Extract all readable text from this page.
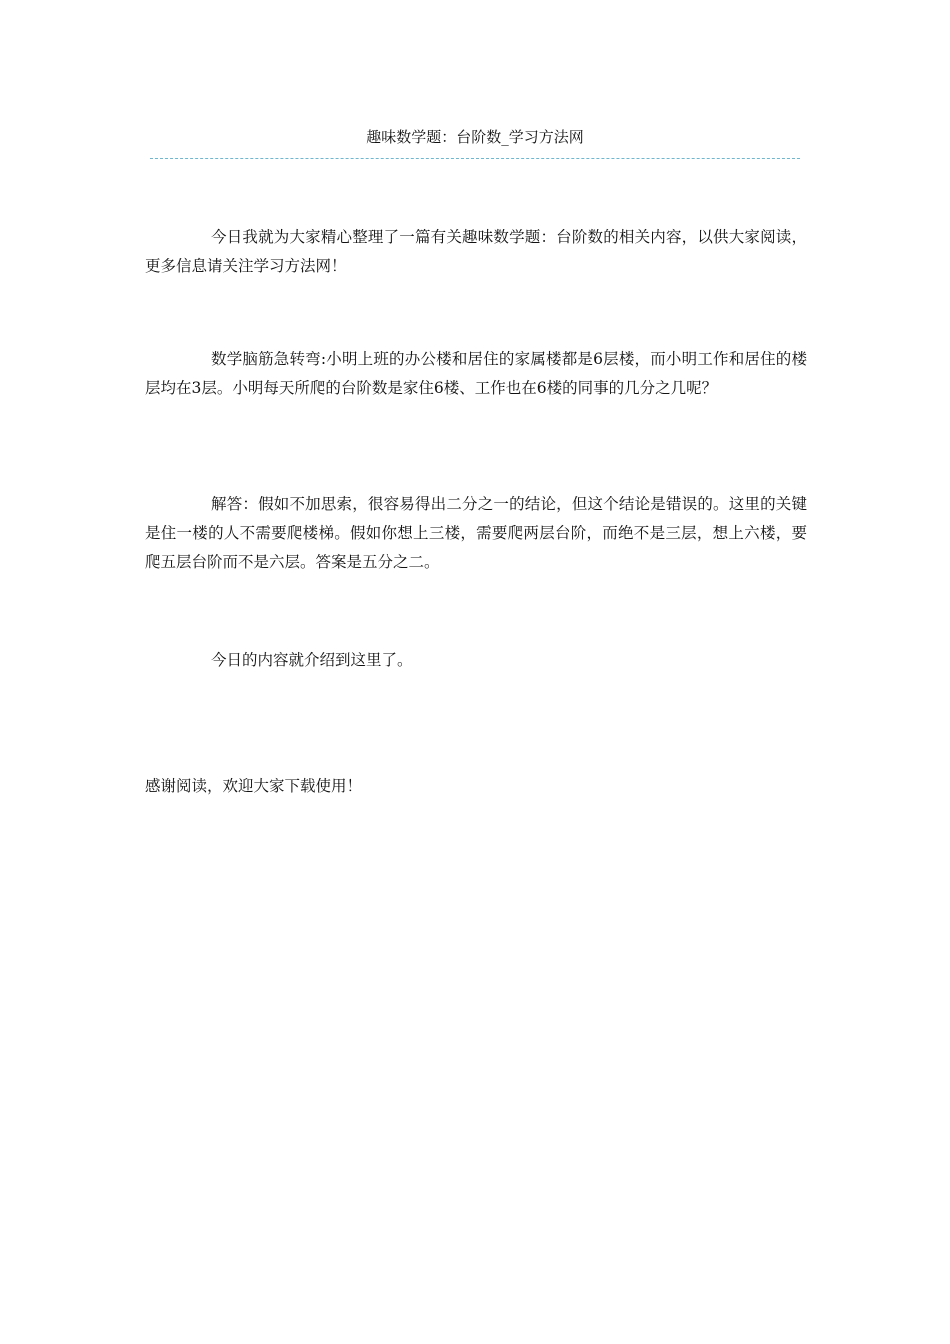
趣味数学题：台阶数_学习方法网

今日我就为大家精心整理了一篇有关趣味数学题：台阶数的相关内容，以供大家阅读，更多信息请关注学习方法网！

数学脑筋急转弯:小明上班的办公楼和居住的家属楼都是6层楼，而小明工作和居住的楼层均在3层。小明每天所爬的台阶数是家住6楼、工作也在6楼的同事的几分之几呢？

解答：假如不加思索，很容易得出二分之一的结论，但这个结论是错误的。这里的关键是住一楼的人不需要爬楼梯。假如你想上三楼，需要爬两层台阶，而绝不是三层，想上六楼，要爬五层台阶而不是六层。答案是五分之二。

今日的内容就介绍到这里了。

感谢阅读，欢迎大家下载使用！
